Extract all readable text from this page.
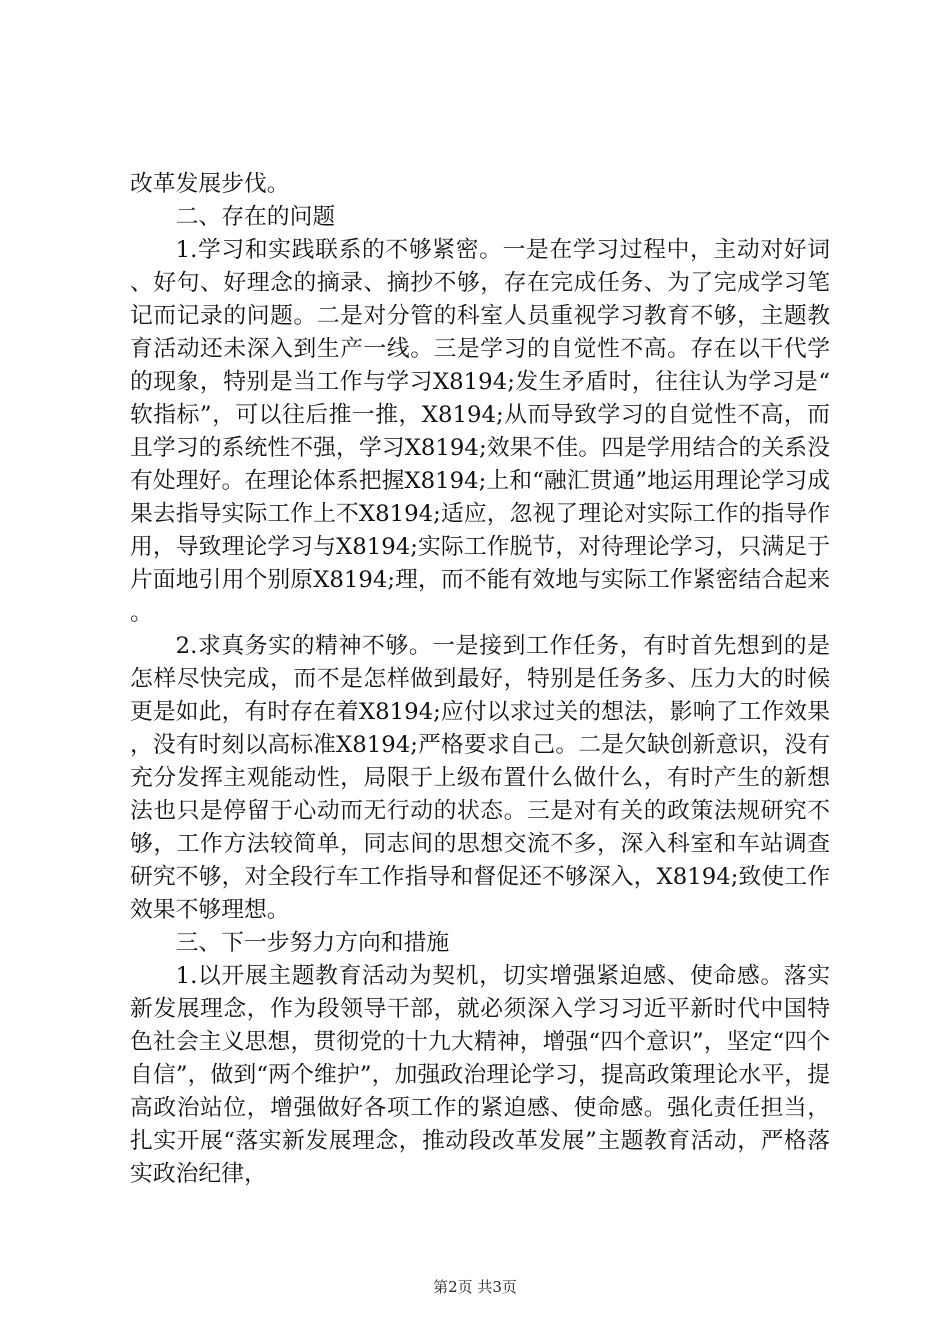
改革发展步伐。

二、存在的问题

1.学习和实践联系的不够紧密。一是在学习过程中，主动对好词、好句、好理念的摘录、摘抄不够，存在完成任务、为了完成学习笔记而记录的问题。二是对分管的科室人员重视学习教育不够，主题教育活动还未深入到生产一线。三是学习的自觉性不高。存在以干代学的现象，特别是当工作与学习X8194;发生矛盾时，往往认为学习是“软指标”，可以往后推一推，X8194;从而导致学习的自觉性不高，而且学习的系统性不强，学习X8194;效果不佳。四是学用结合的关系没有处理好。在理论体系把握X8194;上和“融汇贯通”地运用理论学习成果去指导实际工作上不X8194;适应，忽视了理论对实际工作的指导作用，导致理论学习与X8194;实际工作脱节，对待理论学习，只满足于片面地引用个别原X8194;理，而不能有效地与实际工作紧密结合起来。

2.求真务实的精神不够。一是接到工作任务，有时首先想到的是怎样尽快完成，而不是怎样做到最好，特别是任务多、压力大的时候更是如此，有时存在着X8194;应付以求过关的想法，影响了工作效果，没有时刻以高标准X8194;严格要求自己。二是欠缺创新意识，没有充分发挥主观能动性，局限于上级布置什么做什么，有时产生的新想法也只是停留于心动而无行动的状态。三是对有关的政策法规研究不够，工作方法较简单，同志间的思想交流不多，深入科室和车站调查研究不够，对全段行车工作指导和督促还不够深入，X8194;致使工作效果不够理想。

三、下一步努力方向和措施

1.以开展主题教育活动为契机，切实增强紧迫感、使命感。落实新发展理念，作为段领导干部，就必须深入学习习近平新时代中国特色社会主义思想，贯彻党的十九大精神，增强“四个意识”，坚定“四个自信”，做到“两个维护”，加强政治理论学习，提高政策理论水平，提高政治站位，增强做好各项工作的紧迫感、使命感。强化责任担当，扎实开展“落实新发展理念，推动段改革发展”主题教育活动，严格落实政治纪律，

第2页 共3页
